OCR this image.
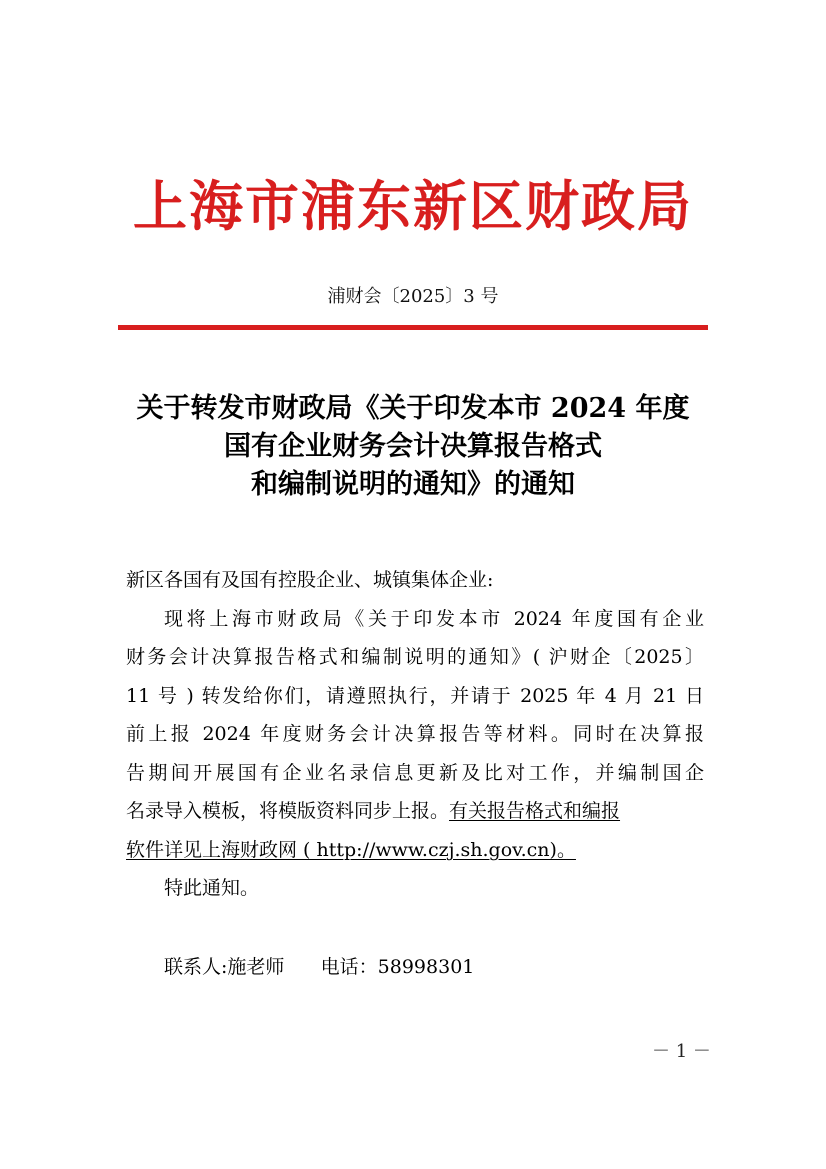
上海市浦东新区财政局
浦财会〔2025〕3 号
关于转发市财政局《关于印发本市 2024 年度
国有企业财务会计决算报告格式
和编制说明的通知》的通知
新区各国有及国有控股企业、城镇集体企业:
现将上海市财政局《关于印发本市 2024 年度国有企业
财务会计决算报告格式和编制说明的通知》( 沪财企〔2025〕
11 号 ) 转发给你们，请遵照执行，并请于 2025 年 4 月 21 日
前上报 2024 年度财务会计决算报告等材料。同时在决算报
告期间开展国有企业名录信息更新及比对工作，并编制国企
名录导入模板，将模版资料同步上报。有关报告格式和编报
软件详见上海财政网 ( http://www.czj.sh.gov.cn)。
特此通知。
联系人:施老师 电话：58998301
－ 1 －
